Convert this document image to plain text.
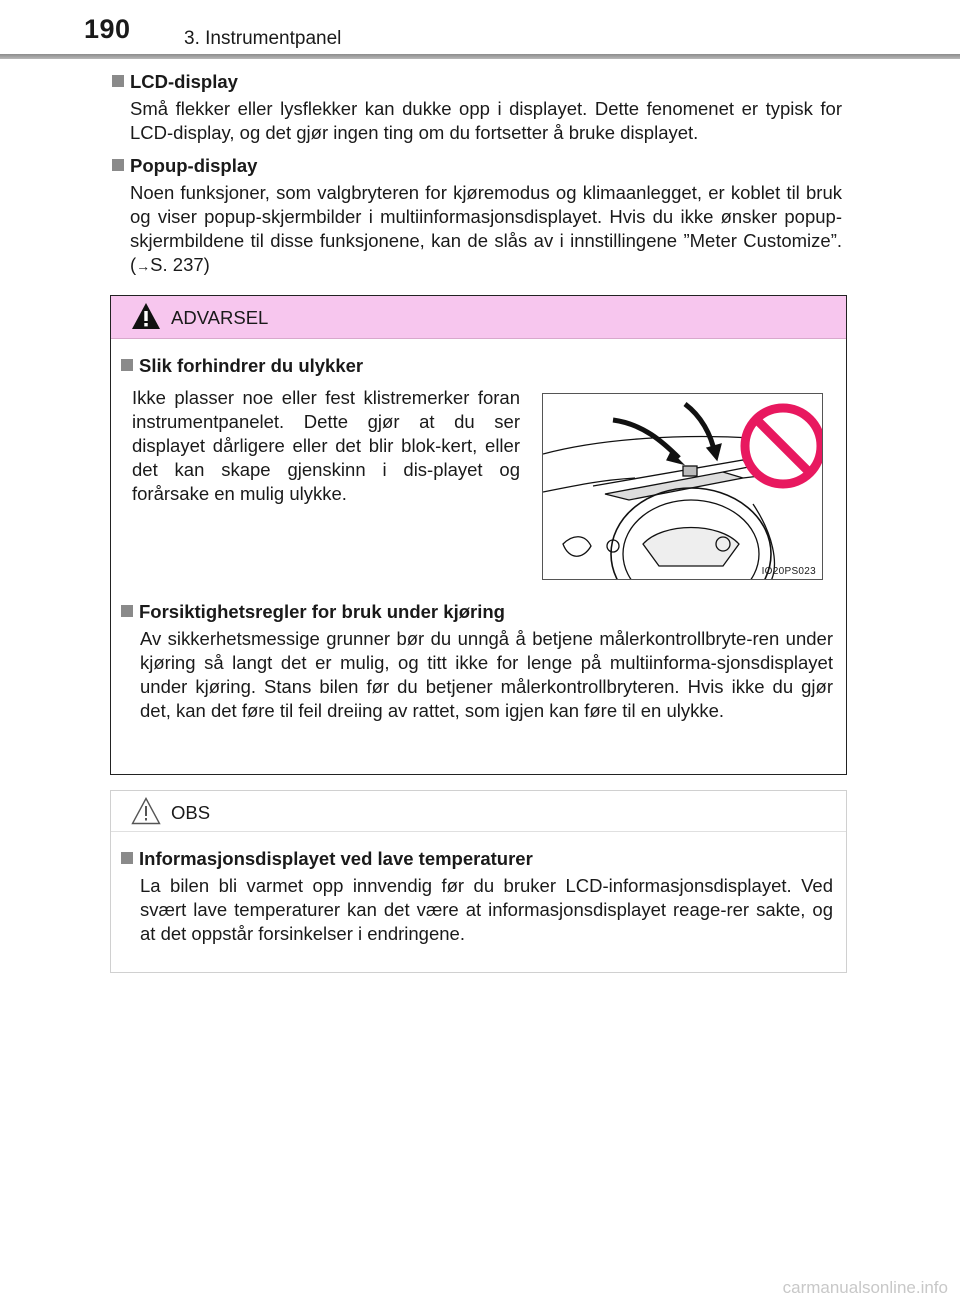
190	3. Instrumentpanel
LCD-display
Små flekker eller lysflekker kan dukke opp i displayet. Dette fenomenet er typisk for LCD-display, og det gjør ingen ting om du fortsetter å bruke displayet.
Popup-display
Noen funksjoner, som valgbryteren for kjøremodus og klimaanlegget, er koblet til bruk og viser popup-skjermbilder i multiinformasjonsdisplayet. Hvis du ikke ønsker popup-skjermbildene til disse funksjonene, kan de slås av i innstillingene ”Meter Customize”. (→S. 237)
ADVARSEL
Slik forhindrer du ulykker
Ikke plasser noe eller fest klistremerker foran instrumentpanelet. Dette gjør at du ser displayet dårligere eller det blir blok-kert, eller det kan skape gjenskinn i dis-playet og forårsake en mulig ulykke.
IO20PS023
Forsiktighetsregler for bruk under kjøring
Av sikkerhetsmessige grunner bør du unngå å betjene målerkontrollbryte-ren under kjøring så langt det er mulig, og titt ikke for lenge på multiinforma-sjonsdisplayet under kjøring. Stans bilen før du betjener målerkontrollbryteren. Hvis ikke du gjør det, kan det føre til feil dreiing av rattet, som igjen kan føre til en ulykke.
OBS
Informasjonsdisplayet ved lave temperaturer
La bilen bli varmet opp innvendig før du bruker LCD-informasjonsdisplayet. Ved svært lave temperaturer kan det være at informasjonsdisplayet reage-rer sakte, og at det oppstår forsinkelser i endringene.
carmanualsonline.info
